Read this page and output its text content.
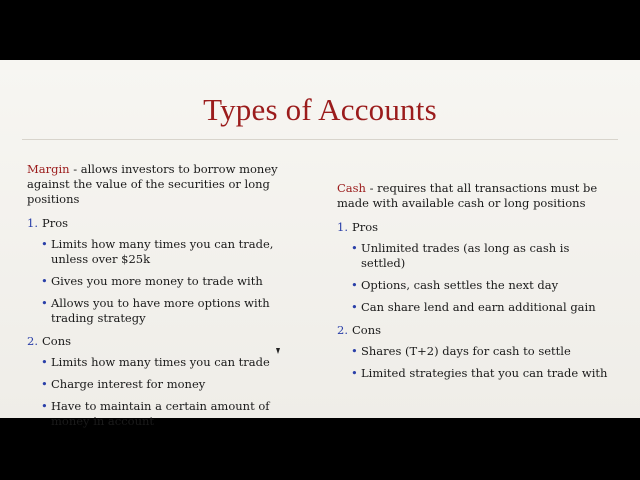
Types of Accounts

Margin - allows investors to borrow money against the value of the securities or long positions

1. Pros
• Limits how many times you can trade, unless over $25k
• Gives you more money to trade with
• Allows you to have more options with trading strategy
2. Cons
• Limits how many times you can trade
• Charge interest for money
• Have to maintain a certain amount of money in account

Cash - requires that all transactions must be made with available cash or long positions

1. Pros
• Unlimited trades (as long as cash is settled)
• Options, cash settles the next day
• Can share lend and earn additional gain
2. Cons
• Shares (T+2) days for cash to settle
• Limited strategies that you can trade with
